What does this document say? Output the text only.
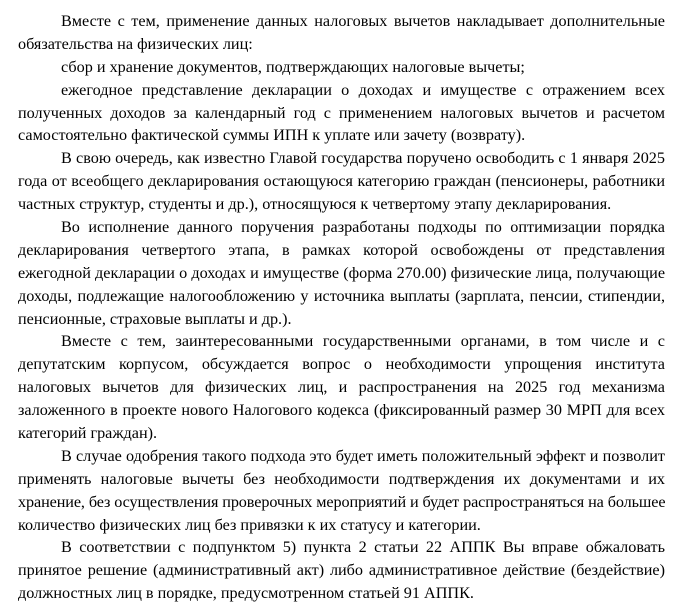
Вместе с тем, применение данных налоговых вычетов накладывает дополнительные
обязательства на физических лиц:
сбор и хранение документов, подтверждающих налоговые вычеты;
ежегодное представление декларации о доходах и имуществе с отражением всех
полученных доходов за календарный год с применением налоговых вычетов и расчетом
самостоятельно фактической суммы ИПН к уплате или зачету (возврату).
В свою очередь, как известно Главой государства поручено освободить с 1 января 2025
года от всеобщего декларирования остающуюся категорию граждан (пенсионеры, работники
частных структур, студенты и др.), относящуюся к четвертому этапу декларирования.
Во исполнение данного поручения разработаны подходы по оптимизации порядка
декларирования четвертого этапа, в рамках которой освобождены от представления
ежегодной декларации о доходах и имуществе (форма 270.00) физические лица, получающие
доходы, подлежащие налогообложению у источника выплаты (зарплата, пенсии, стипендии,
пенсионные, страховые выплаты и др.).
Вместе с тем, заинтересованными государственными органами, в том числе и с
депутатским корпусом, обсуждается вопрос о необходимости упрощения института
налоговых вычетов для физических лиц, и распространения на 2025 год механизма
заложенного в проекте нового Налогового кодекса (фиксированный размер 30 МРП для всех
категорий граждан).
В случае одобрения такого подхода это будет иметь положительный эффект и позволит
применять налоговые вычеты без необходимости подтверждения их документами и их
хранение, без осуществления проверочных мероприятий и будет распространяться на большее
количество физических лиц без привязки к их статусу и категории.
В соответствии с подпунктом 5) пункта 2 статьи 22 АППК Вы вправе обжаловать
принятое решение (административный акт) либо административное действие (бездействие)
должностных лиц в порядке, предусмотренном статьей 91 АППК.
